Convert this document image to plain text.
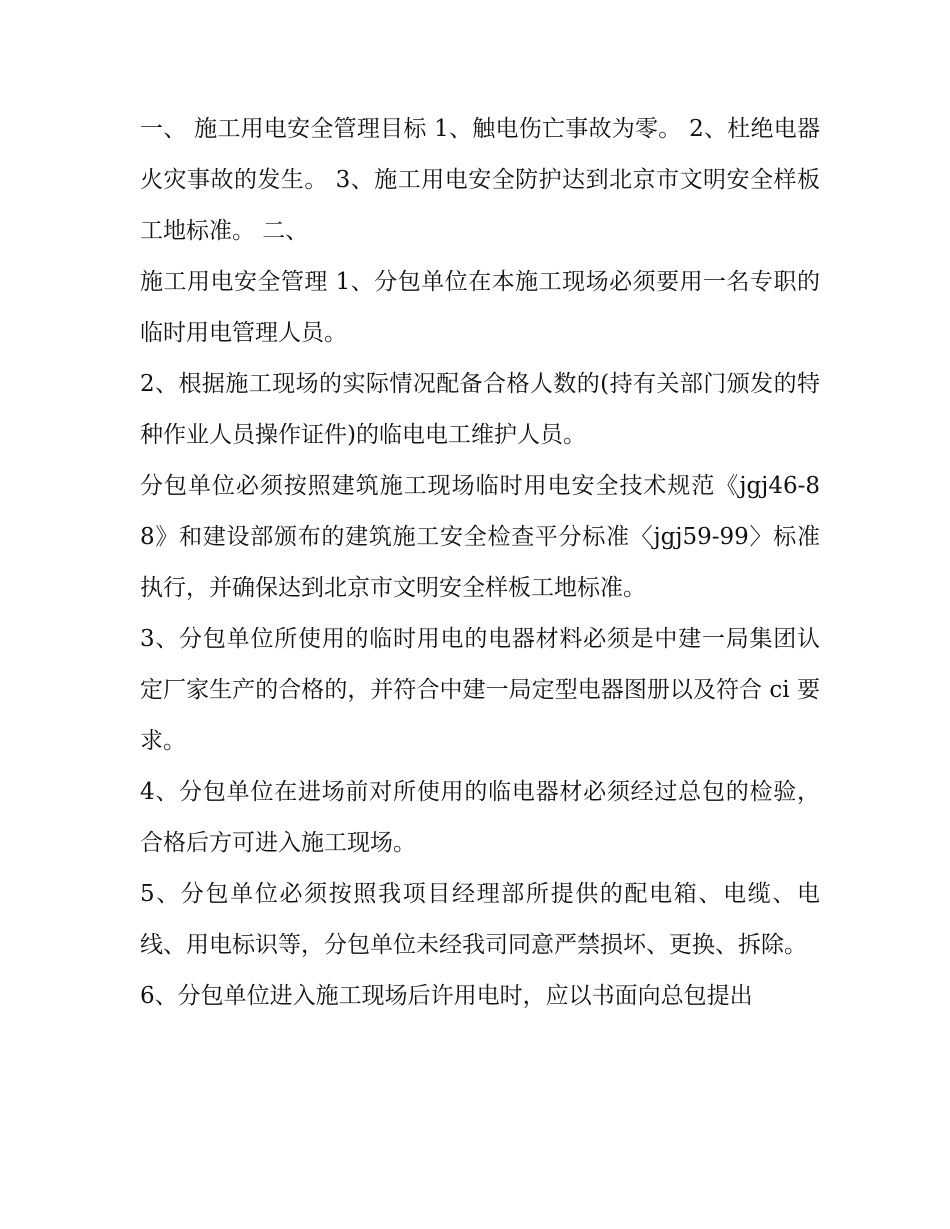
一、 施工用电安全管理目标 1、触电伤亡事故为零。 2、杜绝电器火灾事故的发生。 3、施工用电安全防护达到北京市文明安全样板工地标准。 二、

施工用电安全管理 1、分包单位在本施工现场必须要用一名专职的临时用电管理人员。

2、根据施工现场的实际情况配备合格人数的(持有关部门颁发的特种作业人员操作证件)的临电电工维护人员。

分包单位必须按照建筑施工现场临时用电安全技术规范《jgj46-88》和建设部颁布的建筑施工安全检查平分标准〈jgj59-99〉标准执行，并确保达到北京市文明安全样板工地标准。

3、分包单位所使用的临时用电的电器材料必须是中建一局集团认定厂家生产的合格的，并符合中建一局定型电器图册以及符合 ci 要求。

4、分包单位在进场前对所使用的临电器材必须经过总包的检验，合格后方可进入施工现场。

5、分包单位必须按照我项目经理部所提供的配电箱、电缆、电线、用电标识等，分包单位未经我司同意严禁损坏、更换、拆除。

6、分包单位进入施工现场后许用电时，应以书面向总包提出
